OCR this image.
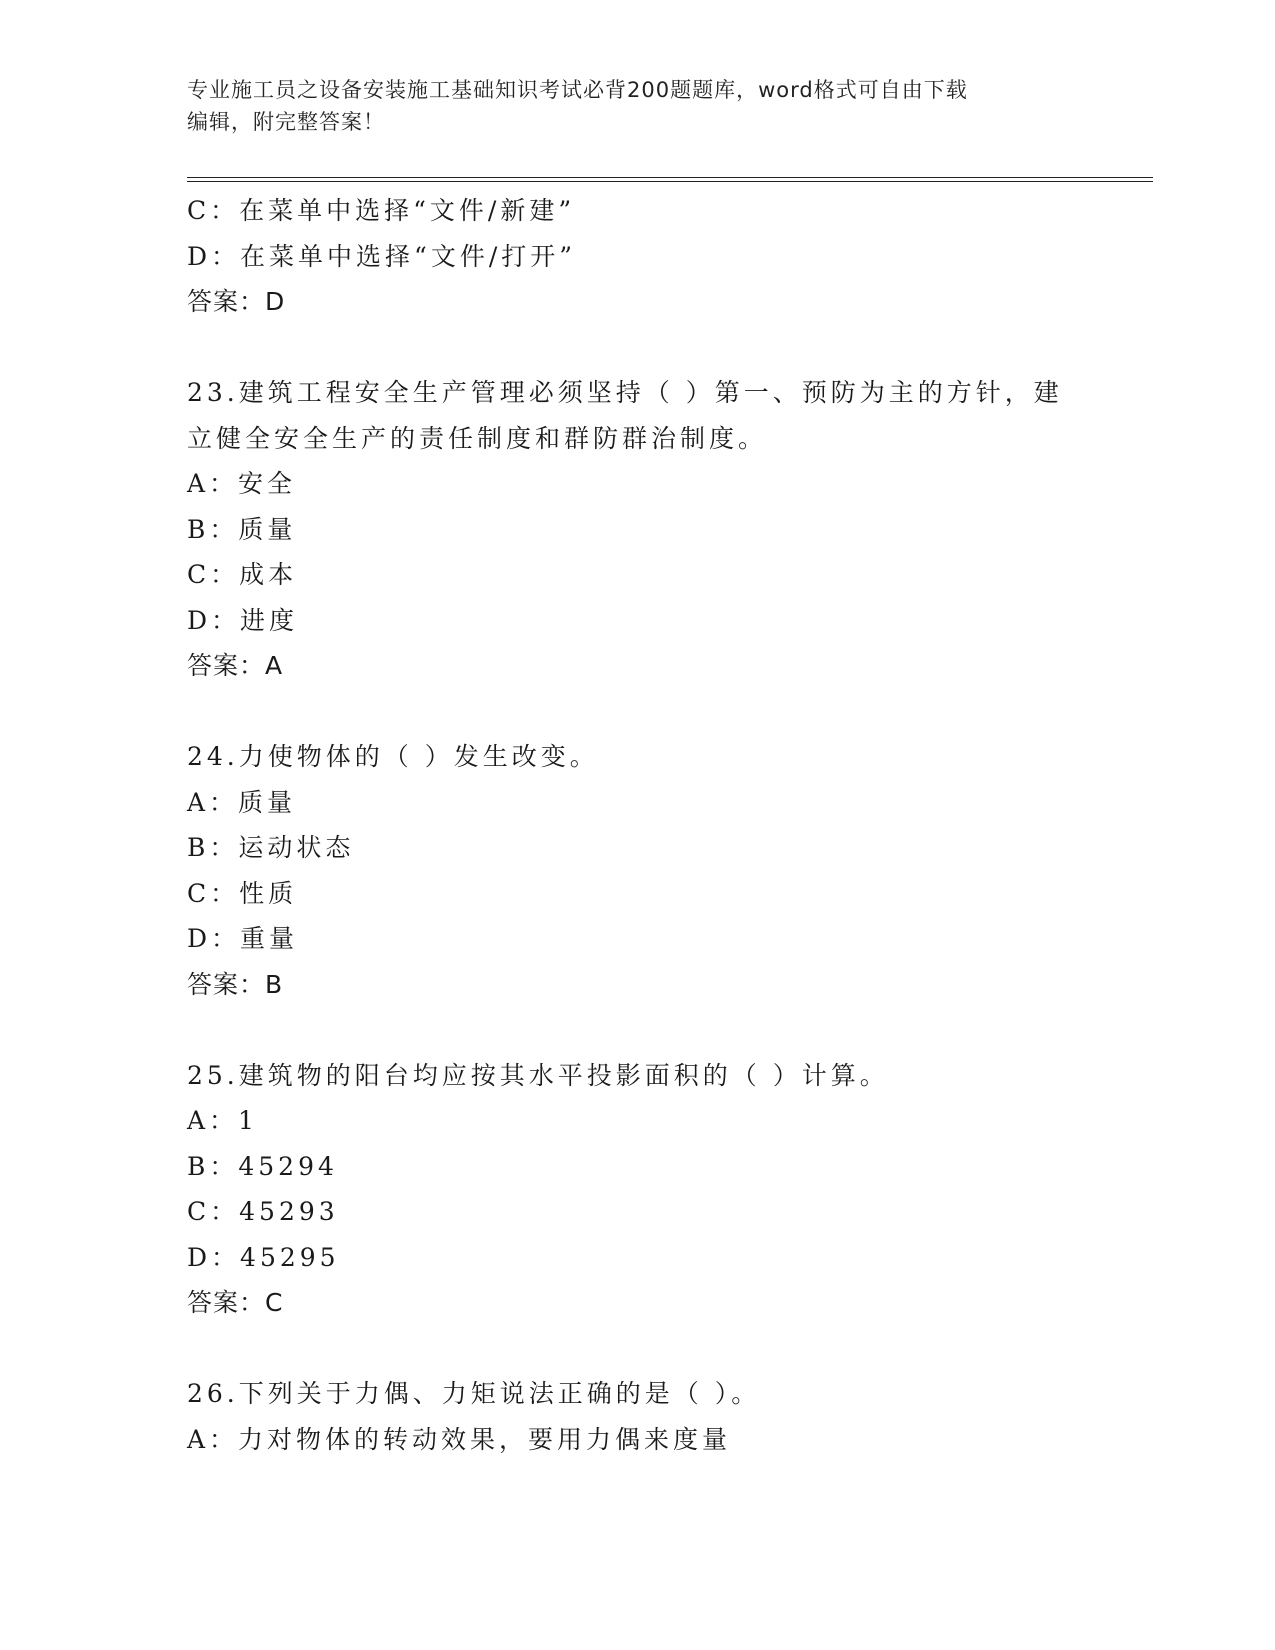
专业施工员之设备安装施工基础知识考试必背200题题库，word格式可自由下载
编辑，附完整答案！
C：在菜单中选择“文件/新建”
D：在菜单中选择“文件/打开”
答案：D
23.建筑工程安全生产管理必须坚持（ ）第一、预防为主的方针，建
立健全安全生产的责任制度和群防群治制度。
A：安全
B：质量
C：成本
D：进度
答案：A
24.力使物体的（ ）发生改变。
A：质量
B：运动状态
C：性质
D：重量
答案：B
25.建筑物的阳台均应按其水平投影面积的（ ）计算。
A：1
B：45294
C：45293
D：45295
答案：C
26.下列关于力偶、力矩说法正确的是（ ）。
A：力对物体的转动效果，要用力偶来度量
